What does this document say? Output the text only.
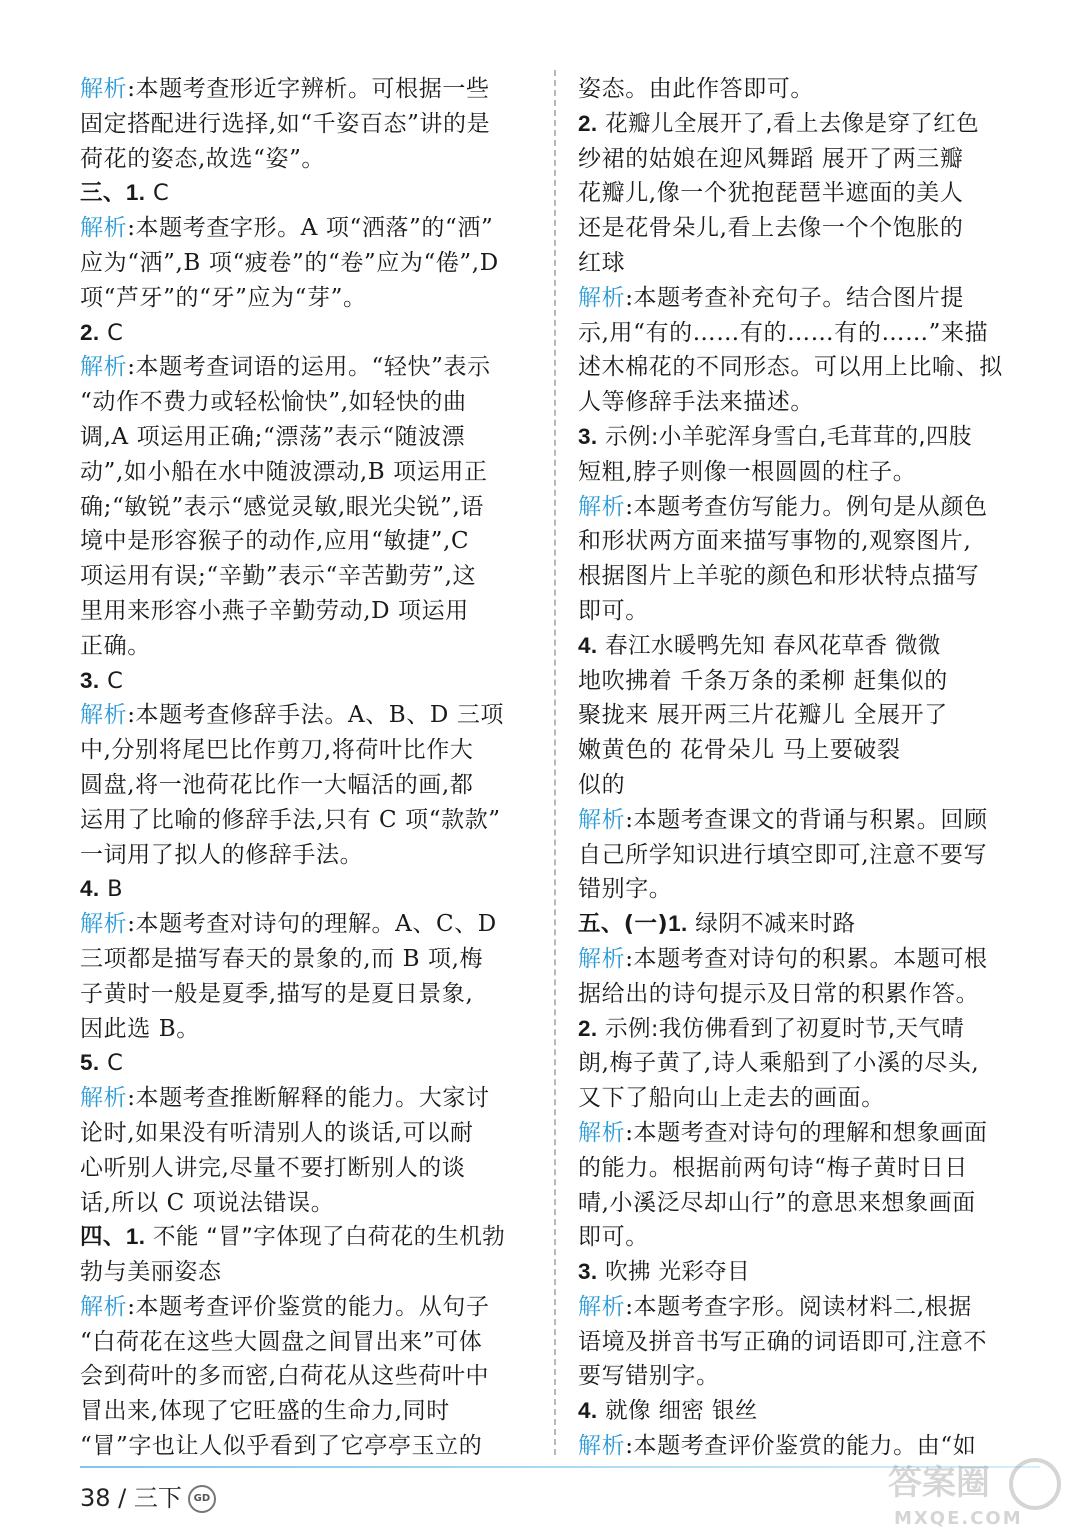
解析:本题考查形近字辨析。可根据一些
固定搭配进行选择,如“千姿百态”讲的是
荷花的姿态,故选“姿”。
三、1. C
解析:本题考查字形。A 项“洒落”的“洒”
应为“洒”,B 项“疲卷”的“卷”应为“倦”,D
项“芦牙”的“牙”应为“芽”。
2. C
解析:本题考查词语的运用。“轻快”表示
“动作不费力或轻松愉快”,如轻快的曲
调,A 项运用正确;“漂荡”表示“随波漂
动”,如小船在水中随波漂动,B 项运用正
确;“敏锐”表示“感觉灵敏,眼光尖锐”,语
境中是形容猴子的动作,应用“敏捷”,C
项运用有误;“辛勤”表示“辛苦勤劳”,这
里用来形容小燕子辛勤劳动,D 项运用
正确。
3. C
解析:本题考查修辞手法。A、B、D 三项
中,分别将尾巴比作剪刀,将荷叶比作大
圆盘,将一池荷花比作一大幅活的画,都
运用了比喻的修辞手法,只有 C 项“款款”
一词用了拟人的修辞手法。
4. B
解析:本题考查对诗句的理解。A、C、D
三项都是描写春天的景象的,而 B 项,梅
子黄时一般是夏季,描写的是夏日景象,
因此选 B。
5. C
解析:本题考查推断解释的能力。大家讨
论时,如果没有听清别人的谈话,可以耐
心听别人讲完,尽量不要打断别人的谈
话,所以 C 项说法错误。
四、1. 不能 “冒”字体现了白荷花的生机勃
勃与美丽姿态
解析:本题考查评价鉴赏的能力。从句子
“白荷花在这些大圆盘之间冒出来”可体
会到荷叶的多而密,白荷花从这些荷叶中
冒出来,体现了它旺盛的生命力,同时
“冒”字也让人似乎看到了它亭亭玉立的
姿态。由此作答即可。
2. 花瓣儿全展开了,看上去像是穿了红色
纱裙的姑娘在迎风舞蹈 展开了两三瓣
花瓣儿,像一个犹抱琵琶半遮面的美人
还是花骨朵儿,看上去像一个个饱胀的
红球
解析:本题考查补充句子。结合图片提
示,用“有的……有的……有的……”来描
述木棉花的不同形态。可以用上比喻、拟
人等修辞手法来描述。
3. 示例:小羊驼浑身雪白,毛茸茸的,四肢
短粗,脖子则像一根圆圆的柱子。
解析:本题考查仿写能力。例句是从颜色
和形状两方面来描写事物的,观察图片,
根据图片上羊驼的颜色和形状特点描写
即可。
4. 春江水暖鸭先知 春风花草香 微微
地吹拂着 千条万条的柔柳 赶集似的
聚拢来 展开两三片花瓣儿 全展开了
嫩黄色的 花骨朵儿 马上要破裂
似的
解析:本题考查课文的背诵与积累。回顾
自己所学知识进行填空即可,注意不要写
错别字。
五、(一)1. 绿阴不减来时路
解析:本题考查对诗句的积累。本题可根
据给出的诗句提示及日常的积累作答。
2. 示例:我仿佛看到了初夏时节,天气晴
朗,梅子黄了,诗人乘船到了小溪的尽头,
又下了船向山上走去的画面。
解析:本题考查对诗句的理解和想象画面
的能力。根据前两句诗“梅子黄时日日
晴,小溪泛尽却山行”的意思来想象画面
即可。
3. 吹拂 光彩夺目
解析:本题考查字形。阅读材料二,根据
语境及拼音书写正确的词语即可,注意不
要写错别字。
4. 就像 细密 银丝
解析:本题考查评价鉴赏的能力。由“如
38 / 三下 GD	答案圈
MXQE.COM
